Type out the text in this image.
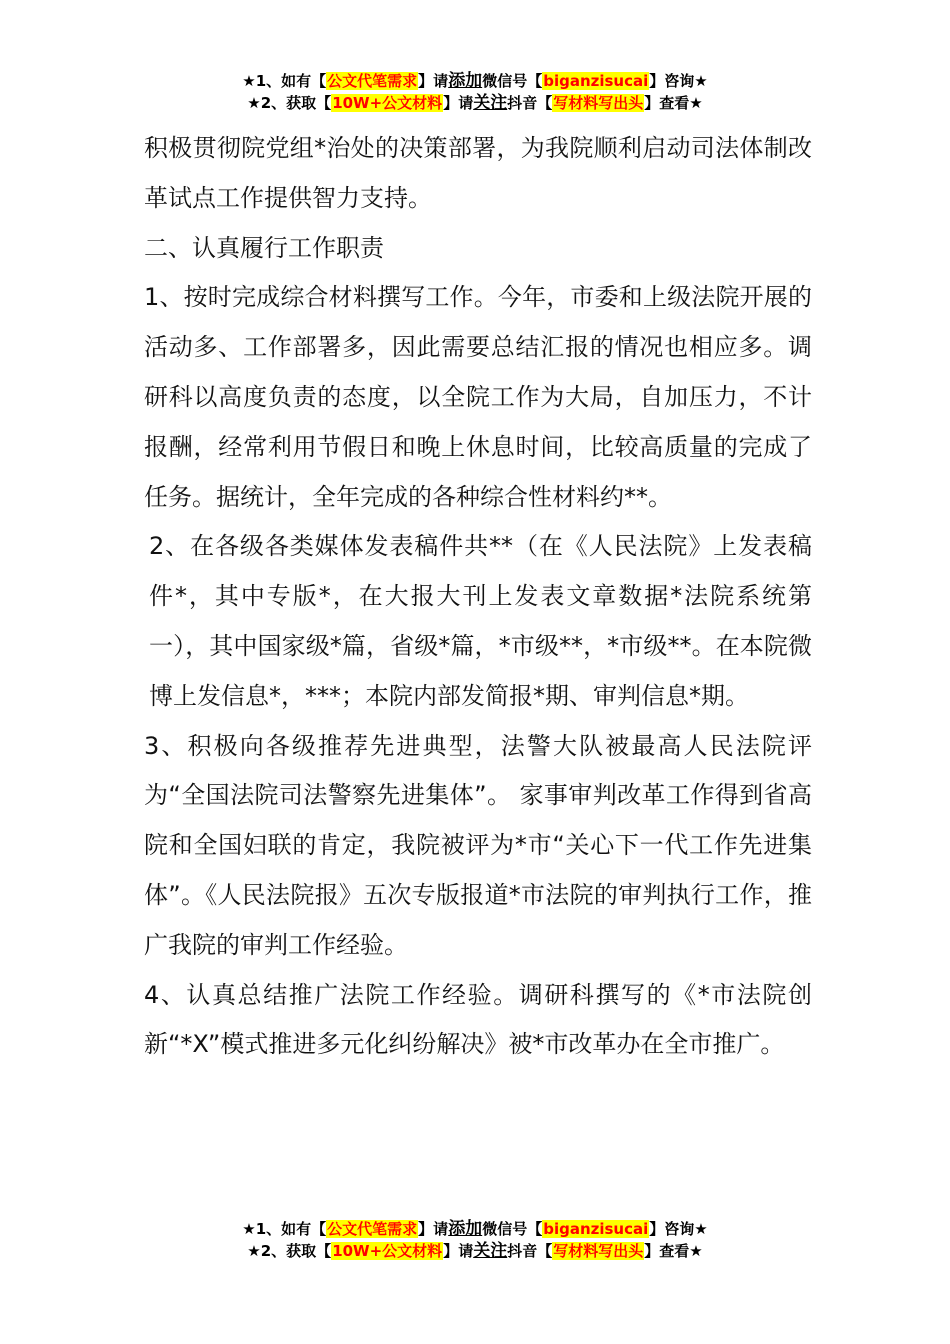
★1、如有【公文代笔需求】请添加微信号【biganzisucai】咨询★
★2、获取【10W+公文材料】请关注抖音【写材料写出头】查看★

积极贯彻院党组*治处的决策部署，为我院顺利启动司法体制改革试点工作提供智力支持。

二、认真履行工作职责

1、按时完成综合材料撰写工作。今年，市委和上级法院开展的活动多、工作部署多，因此需要总结汇报的情况也相应多。调研科以高度负责的态度，以全院工作为大局，自加压力，不计报酬，经常利用节假日和晚上休息时间，比较高质量的完成了任务。据统计，全年完成的各种综合性材料约**。

2、在各级各类媒体发表稿件共**（在《人民法院》上发表稿件*，其中专版*，在大报大刊上发表文章数据*法院系统第一），其中国家级*篇，省级*篇，*市级**，*市级**。在本院微博上发信息*，***；本院内部发简报*期、审判信息*期。

3、积极向各级推荐先进典型，法警大队被最高人民法院评为“全国法院司法警察先进集体”。 家事审判改革工作得到省高院和全国妇联的肯定，我院被评为*市“关心下一代工作先进集体”。《人民法院报》五次专版报道*市法院的审判执行工作，推广我院的审判工作经验。

4、认真总结推广法院工作经验。调研科撰写的《*市法院创新“*X”模式推进多元化纠纷解决》被*市改革办在全市推广。

★1、如有【公文代笔需求】请添加微信号【biganzisucai】咨询★
★2、获取【10W+公文材料】请关注抖音【写材料写出头】查看★
